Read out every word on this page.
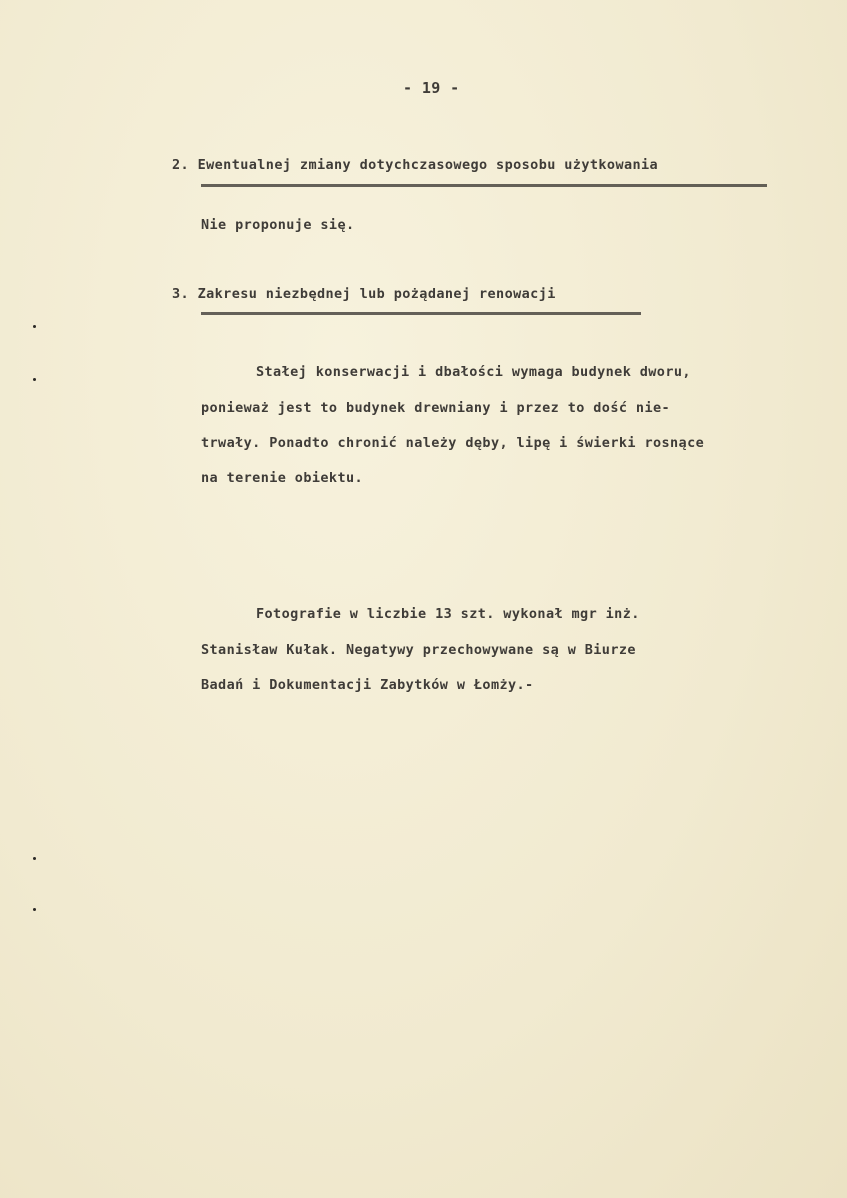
- 19 -
2. Ewentualnej zmiany dotychczasowego sposobu użytkowania
Nie proponuje się.
3. Zakresu niezbędnej lub pożądanej renowacji
Stałej konserwacji i dbałości wymaga budynek dworu,
ponieważ jest to budynek drewniany i przez to dość nie-
trwały. Ponadto chronić należy dęby, lipę i świerki rosnące
na terenie obiektu.
Fotografie w liczbie 13 szt. wykonał mgr inż.
Stanisław Kułak. Negatywy przechowywane są w Biurze
Badań i Dokumentacji Zabytków w Łomży.-
